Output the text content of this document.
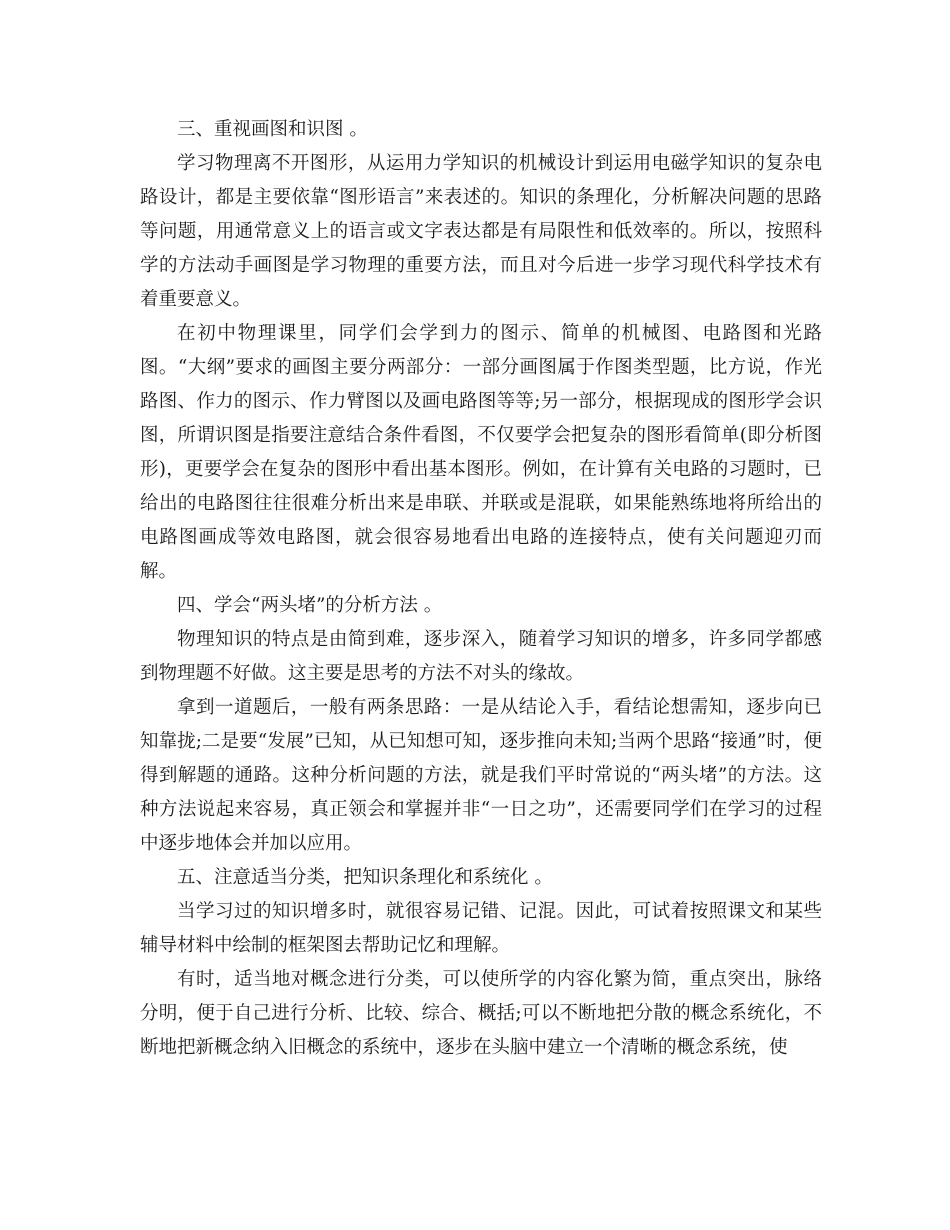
三、重视画图和识图 。

学习物理离不开图形，从运用力学知识的机械设计到运用电磁学知识的复杂电路设计，都是主要依靠“图形语言”来表述的。知识的条理化，分析解决问题的思路等问题，用通常意义上的语言或文字表达都是有局限性和低效率的。所以，按照科学的方法动手画图是学习物理的重要方法，而且对今后进一步学习现代科学技术有着重要意义。

在初中物理课里，同学们会学到力的图示、简单的机械图、电路图和光路图。“大纲”要求的画图主要分两部分：一部分画图属于作图类型题，比方说，作光路图、作力的图示、作力臂图以及画电路图等等;另一部分，根据现成的图形学会识图，所谓识图是指要注意结合条件看图，不仅要学会把复杂的图形看简单(即分析图形)，更要学会在复杂的图形中看出基本图形。例如，在计算有关电路的习题时，已给出的电路图往往很难分析出来是串联、并联或是混联，如果能熟练地将所给出的电路图画成等效电路图，就会很容易地看出电路的连接特点，使有关问题迎刃而解。

四、学会“两头堵”的分析方法 。

物理知识的特点是由简到难，逐步深入，随着学习知识的增多，许多同学都感到物理题不好做。这主要是思考的方法不对头的缘故。

拿到一道题后，一般有两条思路：一是从结论入手，看结论想需知，逐步向已知靠拢;二是要“发展”已知，从已知想可知，逐步推向未知;当两个思路“接通”时，便得到解题的通路。这种分析问题的方法，就是我们平时常说的“两头堵”的方法。这种方法说起来容易，真正领会和掌握并非“一日之功”，还需要同学们在学习的过程中逐步地体会并加以应用。

五、注意适当分类，把知识条理化和系统化 。

当学习过的知识增多时，就很容易记错、记混。因此，可试着按照课文和某些辅导材料中绘制的框架图去帮助记忆和理解。

有时，适当地对概念进行分类，可以使所学的内容化繁为简，重点突出，脉络分明，便于自己进行分析、比较、综合、概括;可以不断地把分散的概念系统化，不断地把新概念纳入旧概念的系统中，逐步在头脑中建立一个清晰的概念系统，使
